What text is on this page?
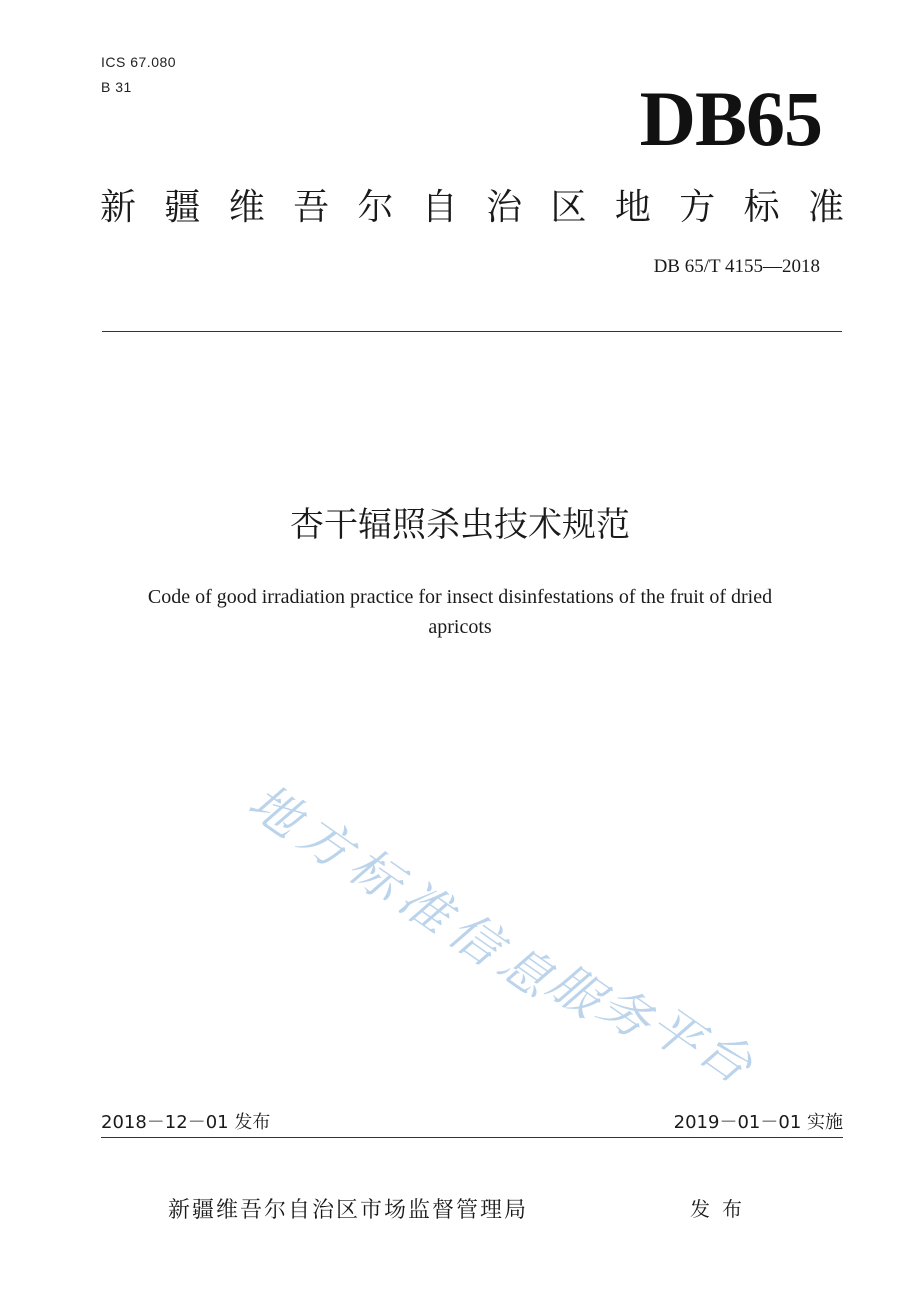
ICS 67.080
B 31	DB65
新 疆 维 吾 尔 自 治 区 地 方 标 准
DB 65/T 4155—2018
杏干辐照杀虫技术规范
Code of good irradiation practice for insect disinfestations of the fruit of dried
apricots
地
方
标
准
信
息
服
务
平
台
2018－12－01 发布	2019－01－01 实施
新疆维吾尔自治区市场监督管理局	发布
